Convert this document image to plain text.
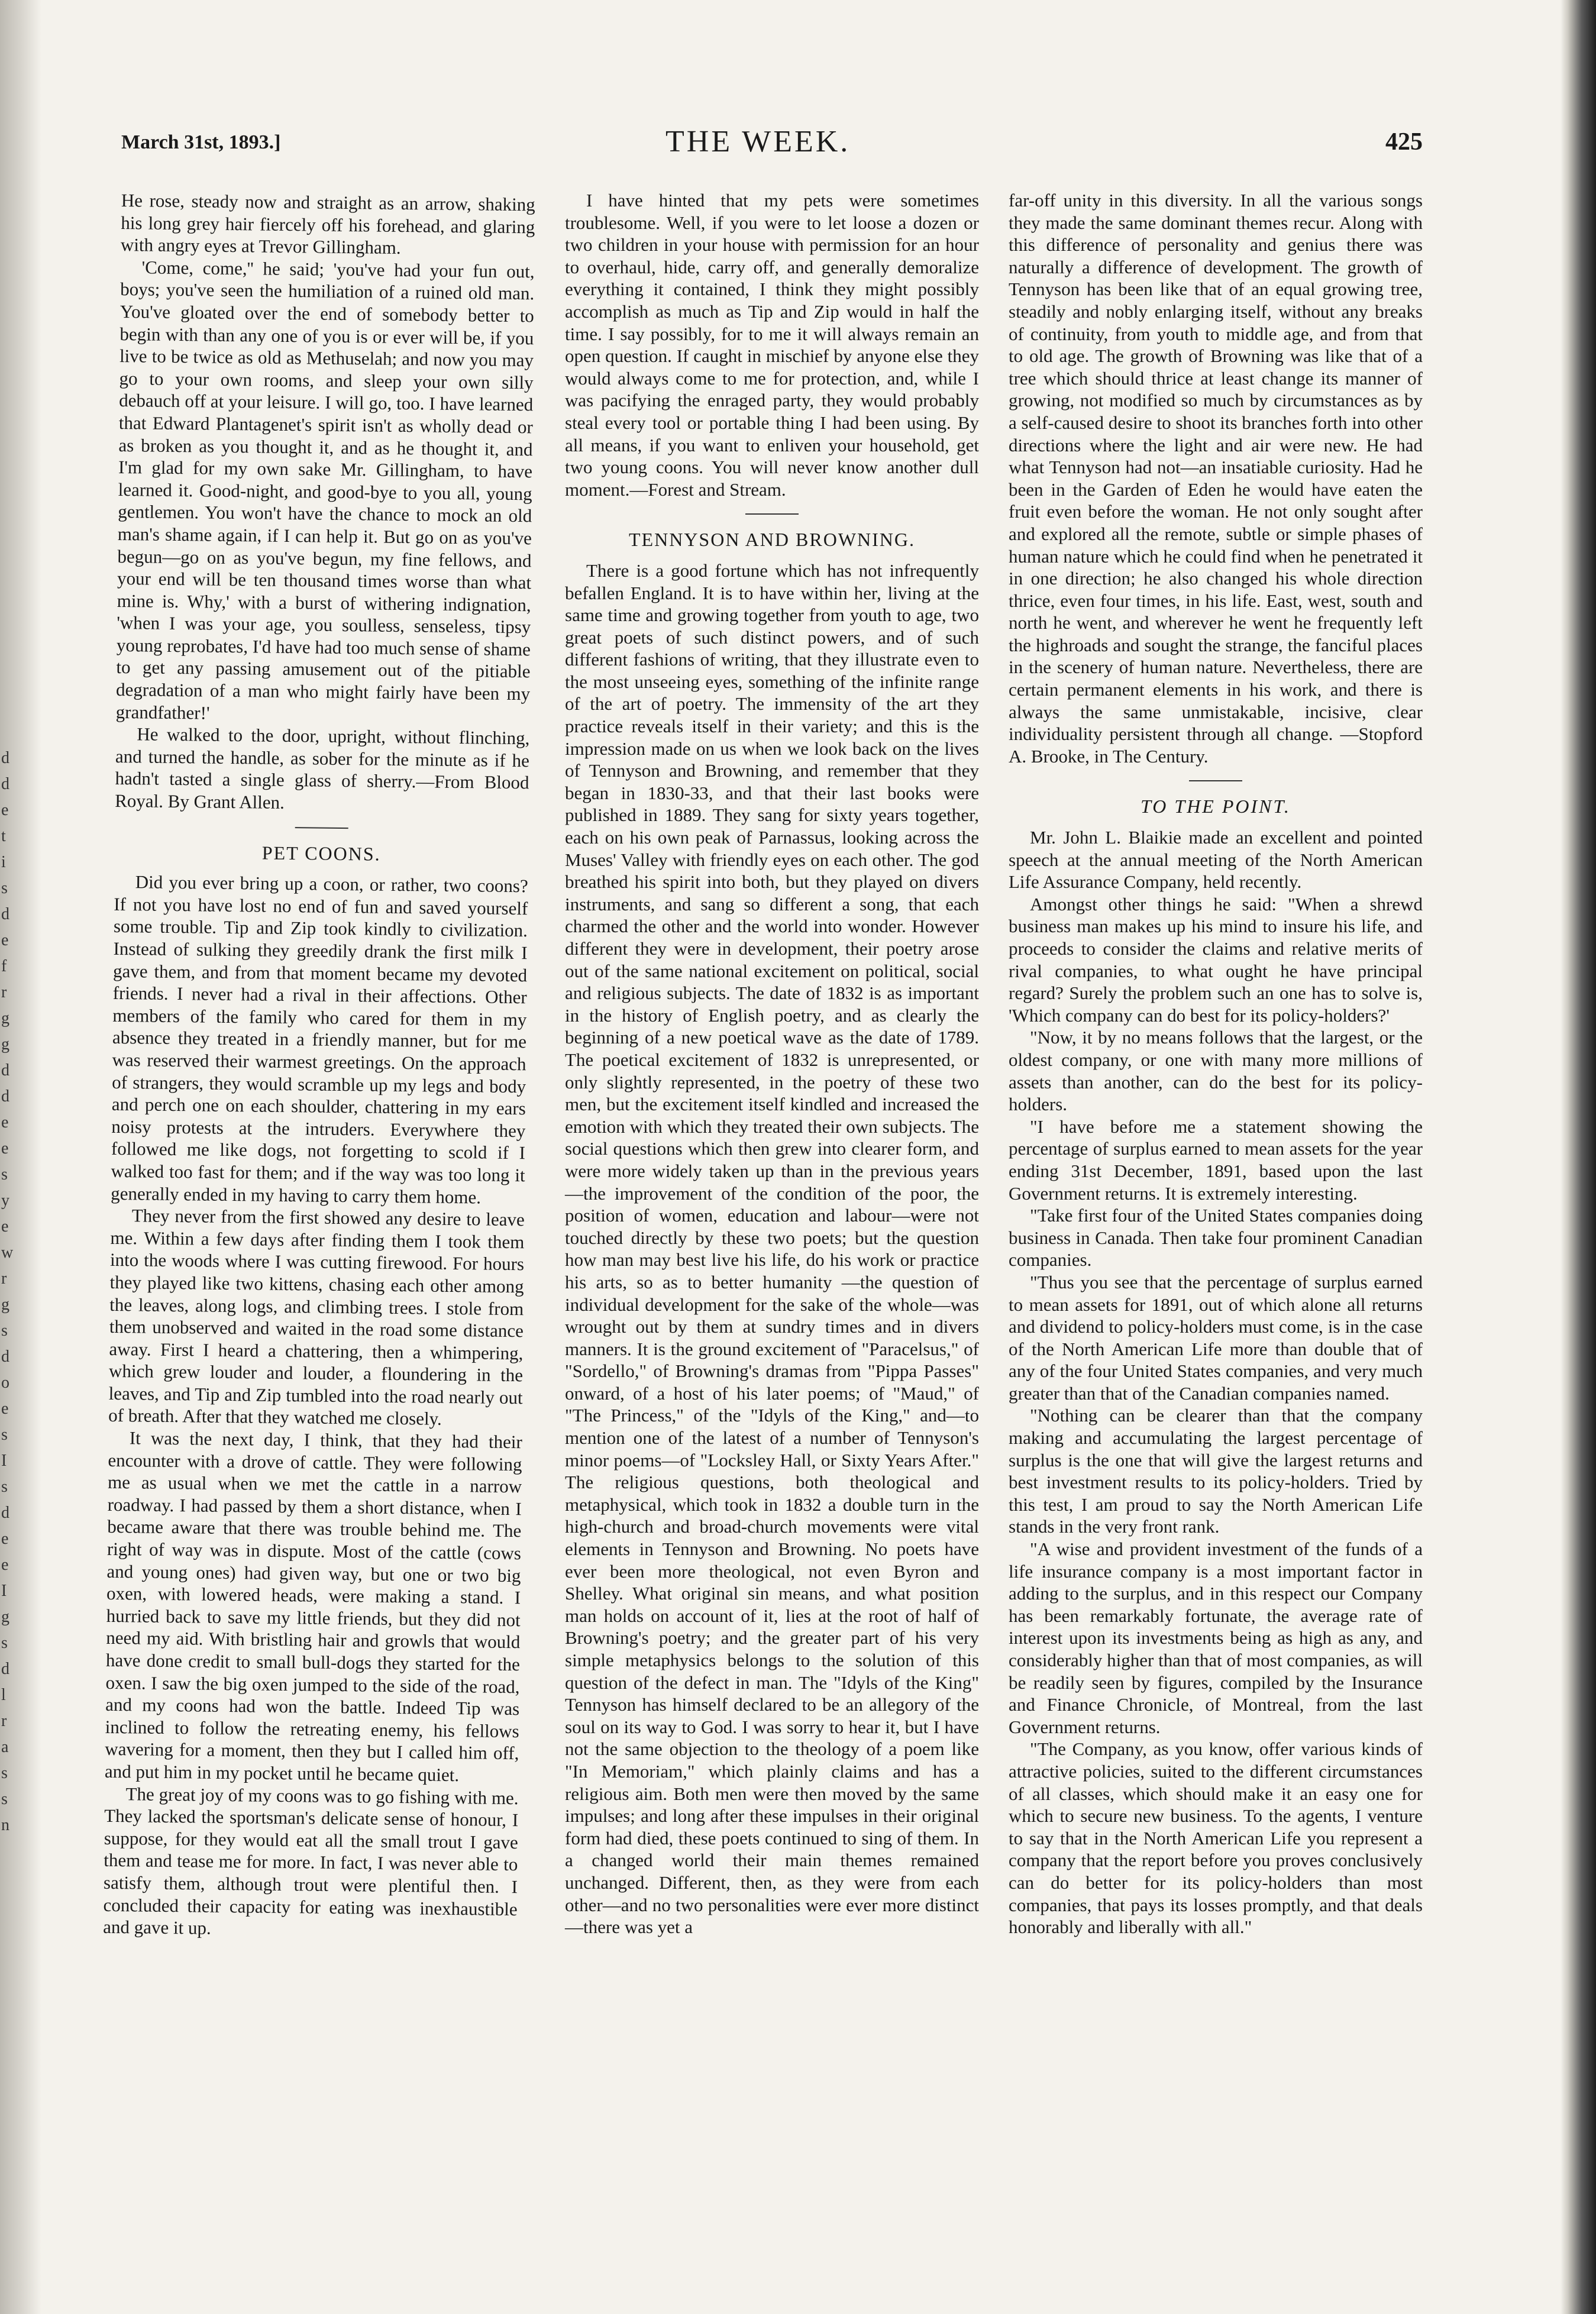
d
d
e
t
i
s
d
e
f
r
g
g
d
d
e
e
s
y
e
w
r
g
s
d
o
e
s
I
s
d
e
e
I
g
s
d
l
r
a
s
s
n
March 31st, 1893.]	THE WEEK.	425

He rose, steady now and straight as an arrow, shaking his long grey hair fiercely off his forehead, and glaring with angry eyes at Trevor Gillingham.

'Come, come,'' he said; 'you've had your fun out, boys; you've seen the humiliation of a ruined old man. You've gloated over the end of somebody better to begin with than any one of you is or ever will be, if you live to be twice as old as Methuselah; and now you may go to your own rooms, and sleep your own silly debauch off at your leisure. I will go, too. I have learned that Edward Plantagenet's spirit isn't as wholly dead or as broken as you thought it, and as he thought it, and I'm glad for my own sake Mr. Gillingham, to have learned it. Good-night, and good-bye to you all, young gentlemen. You won't have the chance to mock an old man's shame again, if I can help it. But go on as you've begun—go on as you've begun, my fine fellows, and your end will be ten thousand times worse than what mine is. Why,' with a burst of withering indignation, 'when I was your age, you soulless, senseless, tipsy young reprobates, I'd have had too much sense of shame to get any passing amusement out of the pitiable degradation of a man who might fairly have been my grandfather!'

He walked to the door, upright, without flinching, and turned the handle, as sober for the minute as if he hadn't tasted a single glass of sherry.—From Blood Royal. By Grant Allen.

PET COONS.

Did you ever bring up a coon, or rather, two coons? If not you have lost no end of fun and saved yourself some trouble. Tip and Zip took kindly to civilization. Instead of sulking they greedily drank the first milk I gave them, and from that moment became my devoted friends. I never had a rival in their affections. Other members of the family who cared for them in my absence they treated in a friendly manner, but for me was reserved their warmest greetings. On the approach of strangers, they would scramble up my legs and body and perch one on each shoulder, chattering in my ears noisy protests at the intruders. Everywhere they followed me like dogs, not forgetting to scold if I walked too fast for them; and if the way was too long it generally ended in my having to carry them home.

They never from the first showed any desire to leave me. Within a few days after finding them I took them into the woods where I was cutting firewood. For hours they played like two kittens, chasing each other among the leaves, along logs, and climbing trees. I stole from them unobserved and waited in the road some distance away. First I heard a chattering, then a whimpering, which grew louder and louder, a floundering in the leaves, and Tip and Zip tumbled into the road nearly out of breath. After that they watched me closely.

It was the next day, I think, that they had their encounter with a drove of cattle. They were following me as usual when we met the cattle in a narrow roadway. I had passed by them a short distance, when I became aware that there was trouble behind me. The right of way was in dispute. Most of the cattle (cows and young ones) had given way, but one or two big oxen, with lowered heads, were making a stand. I hurried back to save my little friends, but they did not need my aid. With bristling hair and growls that would have done credit to small bull-dogs they started for the oxen. I saw the big oxen jumped to the side of the road, and my coons had won the battle. Indeed Tip was inclined to follow the retreating enemy, his fellows wavering for a moment, then they but I called him off, and put him in my pocket until he became quiet.

The great joy of my coons was to go fishing with me. They lacked the sportsman's delicate sense of honour, I suppose, for they would eat all the small trout I gave them and tease me for more. In fact, I was never able to satisfy them, although trout were plentiful then. I concluded their capacity for eating was inexhaustible and gave it up.

I have hinted that my pets were sometimes troublesome. Well, if you were to let loose a dozen or two children in your house with permission for an hour to overhaul, hide, carry off, and generally demoralize everything it contained, I think they might possibly accomplish as much as Tip and Zip would in half the time. I say possibly, for to me it will always remain an open question. If caught in mischief by anyone else they would always come to me for protection, and, while I was pacifying the enraged party, they would probably steal every tool or portable thing I had been using. By all means, if you want to enliven your household, get two young coons. You will never know another dull moment.—Forest and Stream.

TENNYSON AND BROWNING.

There is a good fortune which has not infrequently befallen England. It is to have within her, living at the same time and growing together from youth to age, two great poets of such distinct powers, and of such different fashions of writing, that they illustrate even to the most unseeing eyes, something of the infinite range of the art of poetry. The immensity of the art they practice reveals itself in their variety; and this is the impression made on us when we look back on the lives of Tennyson and Browning, and remember that they began in 1830-33, and that their last books were published in 1889. They sang for sixty years together, each on his own peak of Parnassus, looking across the Muses' Valley with friendly eyes on each other. The god breathed his spirit into both, but they played on divers instruments, and sang so different a song, that each charmed the other and the world into wonder. However different they were in development, their poetry arose out of the same national excitement on political, social and religious subjects. The date of 1832 is as important in the history of English poetry, and as clearly the beginning of a new poetical wave as the date of 1789. The poetical excitement of 1832 is unrepresented, or only slightly represented, in the poetry of these two men, but the excitement itself kindled and increased the emotion with which they treated their own subjects. The social questions which then grew into clearer form, and were more widely taken up than in the previous years —the improvement of the condition of the poor, the position of women, education and labour—were not touched directly by these two poets; but the question how man may best live his life, do his work or practice his arts, so as to better humanity —the question of individual development for the sake of the whole—was wrought out by them at sundry times and in divers manners. It is the ground excitement of "Paracelsus," of "Sordello," of Browning's dramas from "Pippa Passes" onward, of a host of his later poems; of "Maud," of "The Princess," of the "Idyls of the King," and—to mention one of the latest of a number of Tennyson's minor poems—of "Locksley Hall, or Sixty Years After." The religious questions, both theological and metaphysical, which took in 1832 a double turn in the high-church and broad-church movements were vital elements in Tennyson and Browning. No poets have ever been more theological, not even Byron and Shelley. What original sin means, and what position man holds on account of it, lies at the root of half of Browning's poetry; and the greater part of his very simple metaphysics belongs to the solution of this question of the defect in man. The "Idyls of the King" Tennyson has himself declared to be an allegory of the soul on its way to God. I was sorry to hear it, but I have not the same objection to the theology of a poem like "In Memoriam," which plainly claims and has a religious aim. Both men were then moved by the same impulses; and long after these impulses in their original form had died, these poets continued to sing of them. In a changed world their main themes remained unchanged. Different, then, as they were from each other—and no two personalities were ever more distinct—there was yet a

far-off unity in this diversity. In all the various songs they made the same dominant themes recur. Along with this difference of personality and genius there was naturally a difference of development. The growth of Tennyson has been like that of an equal growing tree, steadily and nobly enlarging itself, without any breaks of continuity, from youth to middle age, and from that to old age. The growth of Browning was like that of a tree which should thrice at least change its manner of growing, not modified so much by circumstances as by a self-caused desire to shoot its branches forth into other directions where the light and air were new. He had what Tennyson had not—an insatiable curiosity. Had he been in the Garden of Eden he would have eaten the fruit even before the woman. He not only sought after and explored all the remote, subtle or simple phases of human nature which he could find when he penetrated it in one direction; he also changed his whole direction thrice, even four times, in his life. East, west, south and north he went, and wherever he went he frequently left the highroads and sought the strange, the fanciful places in the scenery of human nature. Nevertheless, there are certain permanent elements in his work, and there is always the same unmistakable, incisive, clear individuality persistent through all change. —Stopford A. Brooke, in The Century.

TO THE POINT.

Mr. John L. Blaikie made an excellent and pointed speech at the annual meeting of the North American Life Assurance Company, held recently.

Amongst other things he said: "When a shrewd business man makes up his mind to insure his life, and proceeds to consider the claims and relative merits of rival companies, to what ought he have principal regard? Surely the problem such an one has to solve is, 'Which company can do best for its policy-holders?'

"Now, it by no means follows that the largest, or the oldest company, or one with many more millions of assets than another, can do the best for its policy-holders.

"I have before me a statement showing the percentage of surplus earned to mean assets for the year ending 31st December, 1891, based upon the last Government returns. It is extremely interesting.

"Take first four of the United States companies doing business in Canada. Then take four prominent Canadian companies.

"Thus you see that the percentage of surplus earned to mean assets for 1891, out of which alone all returns and dividend to policy-holders must come, is in the case of the North American Life more than double that of any of the four United States companies, and very much greater than that of the Canadian companies named.

"Nothing can be clearer than that the company making and accumulating the largest percentage of surplus is the one that will give the largest returns and best investment results to its policy-holders. Tried by this test, I am proud to say the North American Life stands in the very front rank.

"A wise and provident investment of the funds of a life insurance company is a most important factor in adding to the surplus, and in this respect our Company has been remarkably fortunate, the average rate of interest upon its investments being as high as any, and considerably higher than that of most companies, as will be readily seen by figures, compiled by the Insurance and Finance Chronicle, of Montreal, from the last Government returns.

"The Company, as you know, offer various kinds of attractive policies, suited to the different circumstances of all classes, which should make it an easy one for which to secure new business. To the agents, I venture to say that in the North American Life you represent a company that the report before you proves conclusively can do better for its policy-holders than most companies, that pays its losses promptly, and that deals honorably and liberally with all."
